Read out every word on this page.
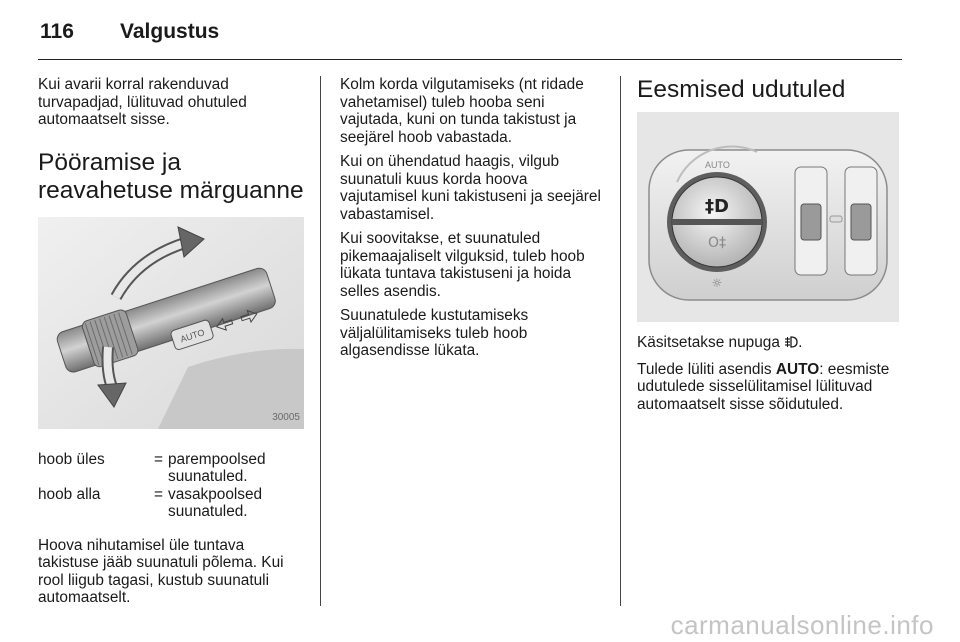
116 Valgustus

Kui avarii korral rakenduvad turvapadjad, lülituvad ohutuled automaatselt sisse.

Pööramise ja reavahetuse märguanne
AUTO
30005
hoob üles	= parempoolsed suunatuled.
hoob alla	= vasakpoolsed suunatuled.

Hoova nihutamisel üle tuntava takistuse jääb suunatuli põlema. Kui rool liigub tagasi, kustub suunatuli automaatselt.

Kolm korda vilgutamiseks (nt ridade vahetamisel) tuleb hooba seni vajutada, kuni on tunda takistust ja seejärel hoob vabastada.

Kui on ühendatud haagis, vilgub suunatuli kuus korda hoova vajutamisel kuni takistuseni ja seejärel vabastamisel.

Kui soovitakse, et suunatuled pikemaajaliselt vilguksid, tuleb hoob lükata tuntava takistuseni ja hoida selles asendis.

Suunatulede kustutamiseks väljalülitamiseks tuleb hoob algasendisse lükata.

Eesmised udutuled
AUTO
‡D
O‡
☼

Käsitsetakse nupuga .

Tulede lüliti asendis AUTO: eesmiste udutulede sisselülitamisel lülituvad automaatselt sisse sõidutuled.

carmanualsonline.info
